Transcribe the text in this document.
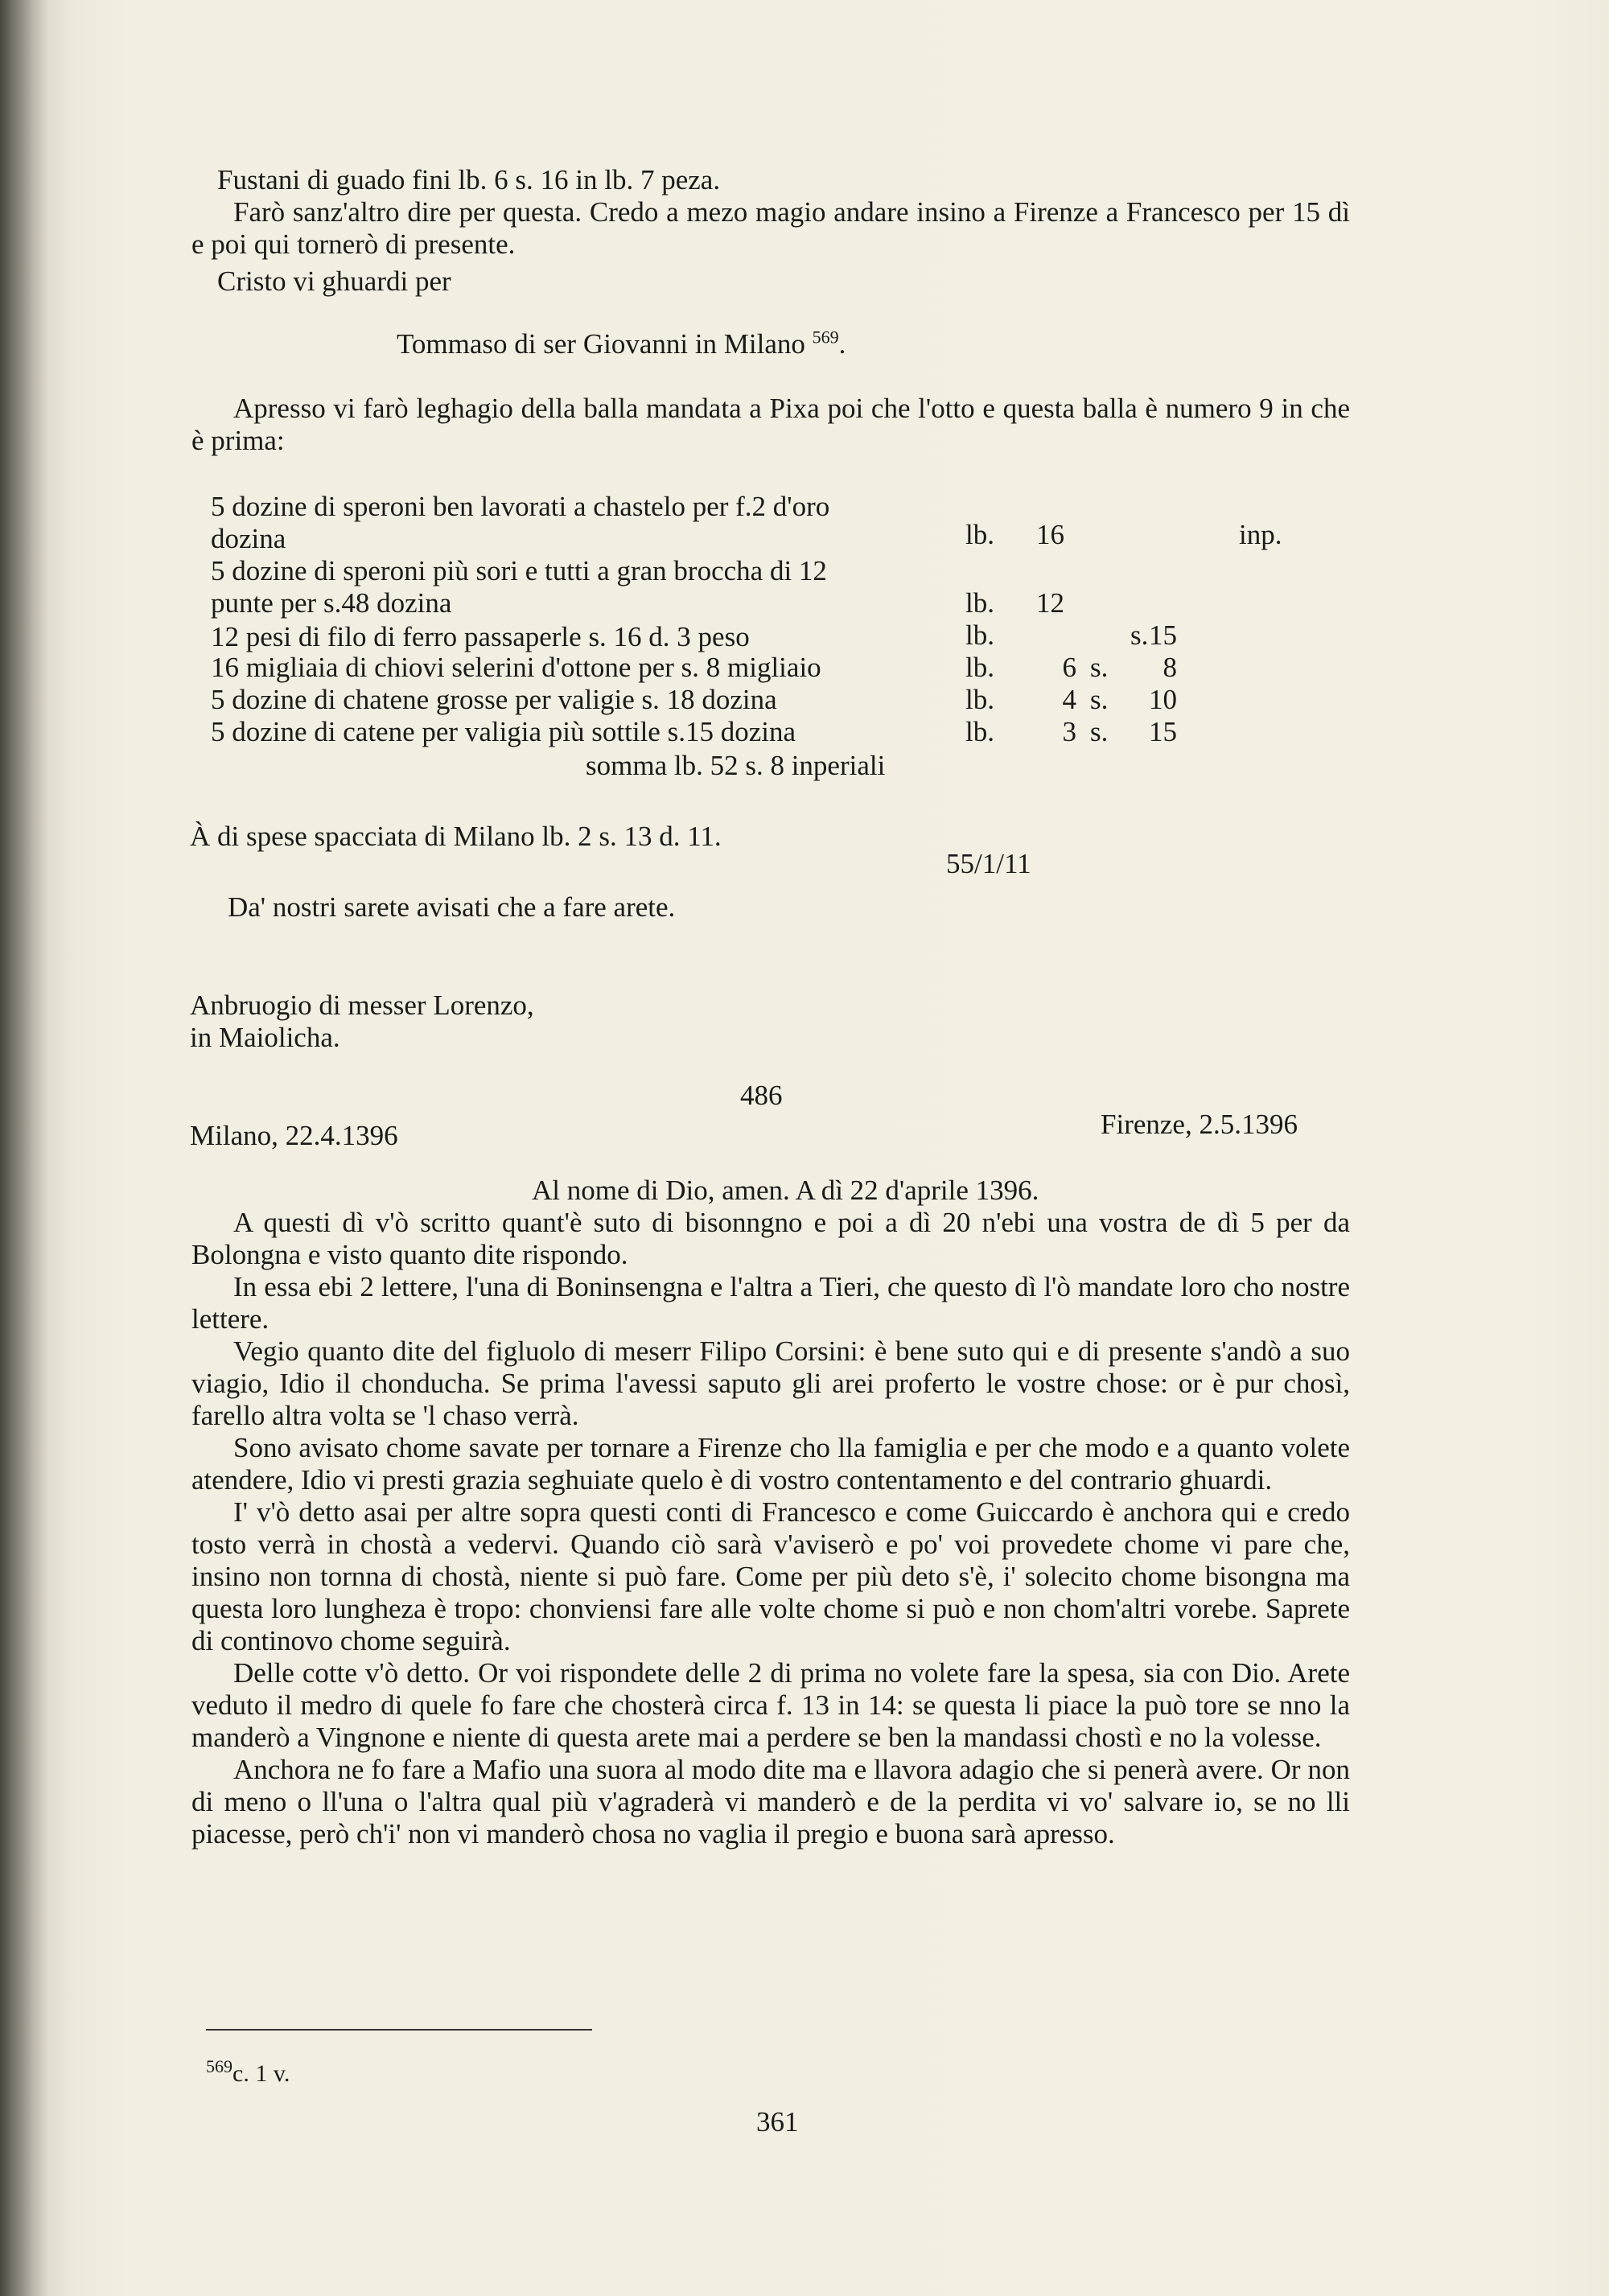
Fustani di guado fini lb. 6 s. 16 in lb. 7 peza.

Farò sanz'altro dire per questa. Credo a mezo magio andare insino a Firenze a Francesco per 15 dì e poi qui tornerò di presente.

Cristo vi ghuardi per
Tommaso di ser Giovanni in Milano $^{569}$.

Apresso vi farò leghagio della balla mandata a Pixa poi che l'otto e questa balla è numero 9 in che è prima:

5 dozine di speroni ben lavorati a chastelo per f.2 d'oro
dozina	lb. 16	inp.
5 dozine di speroni più sori e tutti a gran broccha di 12
punte per s.48 dozina	lb. 12
12 pesi di filo di ferro passaperle s. 16 d. 3 peso	lb.	s. 15
16 migliaia di chiovi selerini d'ottone per s. 8 migliaio	lb.	6 s.	8
5 dozine di chatene grosse per valigie s. 18 dozina	lb.	4 s. 10
5 dozine di catene per valigia più sottile s.15 dozina	lb.	3 s. 15
somma lb. 52 s. 8 inperiali
À di spese spacciata di Milano lb. 2 s. 13 d. 11.
55/1/11
Da' nostri sarete avisati che a fare arete.
Anbruogio di messer Lorenzo,
in Maiolicha.
486
Milano, 22.4.1396	Firenze, 2.5.1396
Al nome di Dio, amen. A dì 22 d'aprile 1396.

A questi dì v'ò scritto quant'è suto di bisonngno e poi a dì 20 n'ebi una vostra de dì 5 per da Bolongna e visto quanto dite rispondo.

In essa ebi 2 lettere, l'una di Boninsengna e l'altra a Tieri, che questo dì l'ò mandate loro cho nostre lettere.

Vegio quanto dite del figluolo di meserr Filipo Corsini: è bene suto qui e di presente s'andò a suo viagio, Idio il chonducha. Se prima l'avessi saputo gli arei proferto le vostre chose: or è pur chosì, farello altra volta se 'l chaso verrà.

Sono avisato chome savate per tornare a Firenze cho lla famiglia e per che modo e a quanto volete atendere, Idio vi presti grazia seghuiate quelo è di vostro contentamento e del contrario ghuardi.

I' v'ò detto asai per altre sopra questi conti di Francesco e come Guiccardo è anchora qui e credo tosto verrà in chostà a vedervi. Quando ciò sarà v'aviserò e po' voi provedete chome vi pare che, insino non tornna di chostà, niente si può fare. Come per più deto s'è, i' solecito chome bisongna ma questa loro lungheza è tropo: chonviensi fare alle volte chome si può e non chom'altri vorebe. Saprete di continovo chome seguirà.

Delle cotte v'ò detto. Or voi rispondete delle 2 di prima no volete fare la spesa, sia con Dio. Arete veduto il medro di quele fo fare che chosterà circa f. 13 in 14: se questa li piace la può tore se nno la manderò a Vingnone e niente di questa arete mai a perdere se ben la mandassi chostì e no la volesse.

Anchora ne fo fare a Mafio una suora al modo dite ma e llavora adagio che si penerà avere. Or non di meno o ll'una o l'altra qual più v'agraderà vi manderò e de la perdita vi vo' salvare io, se no lli piacesse, però ch'i' non vi manderò chosa no vaglia il pregio e buona sarà apresso.

$^{569}$c. 1 v.
361
